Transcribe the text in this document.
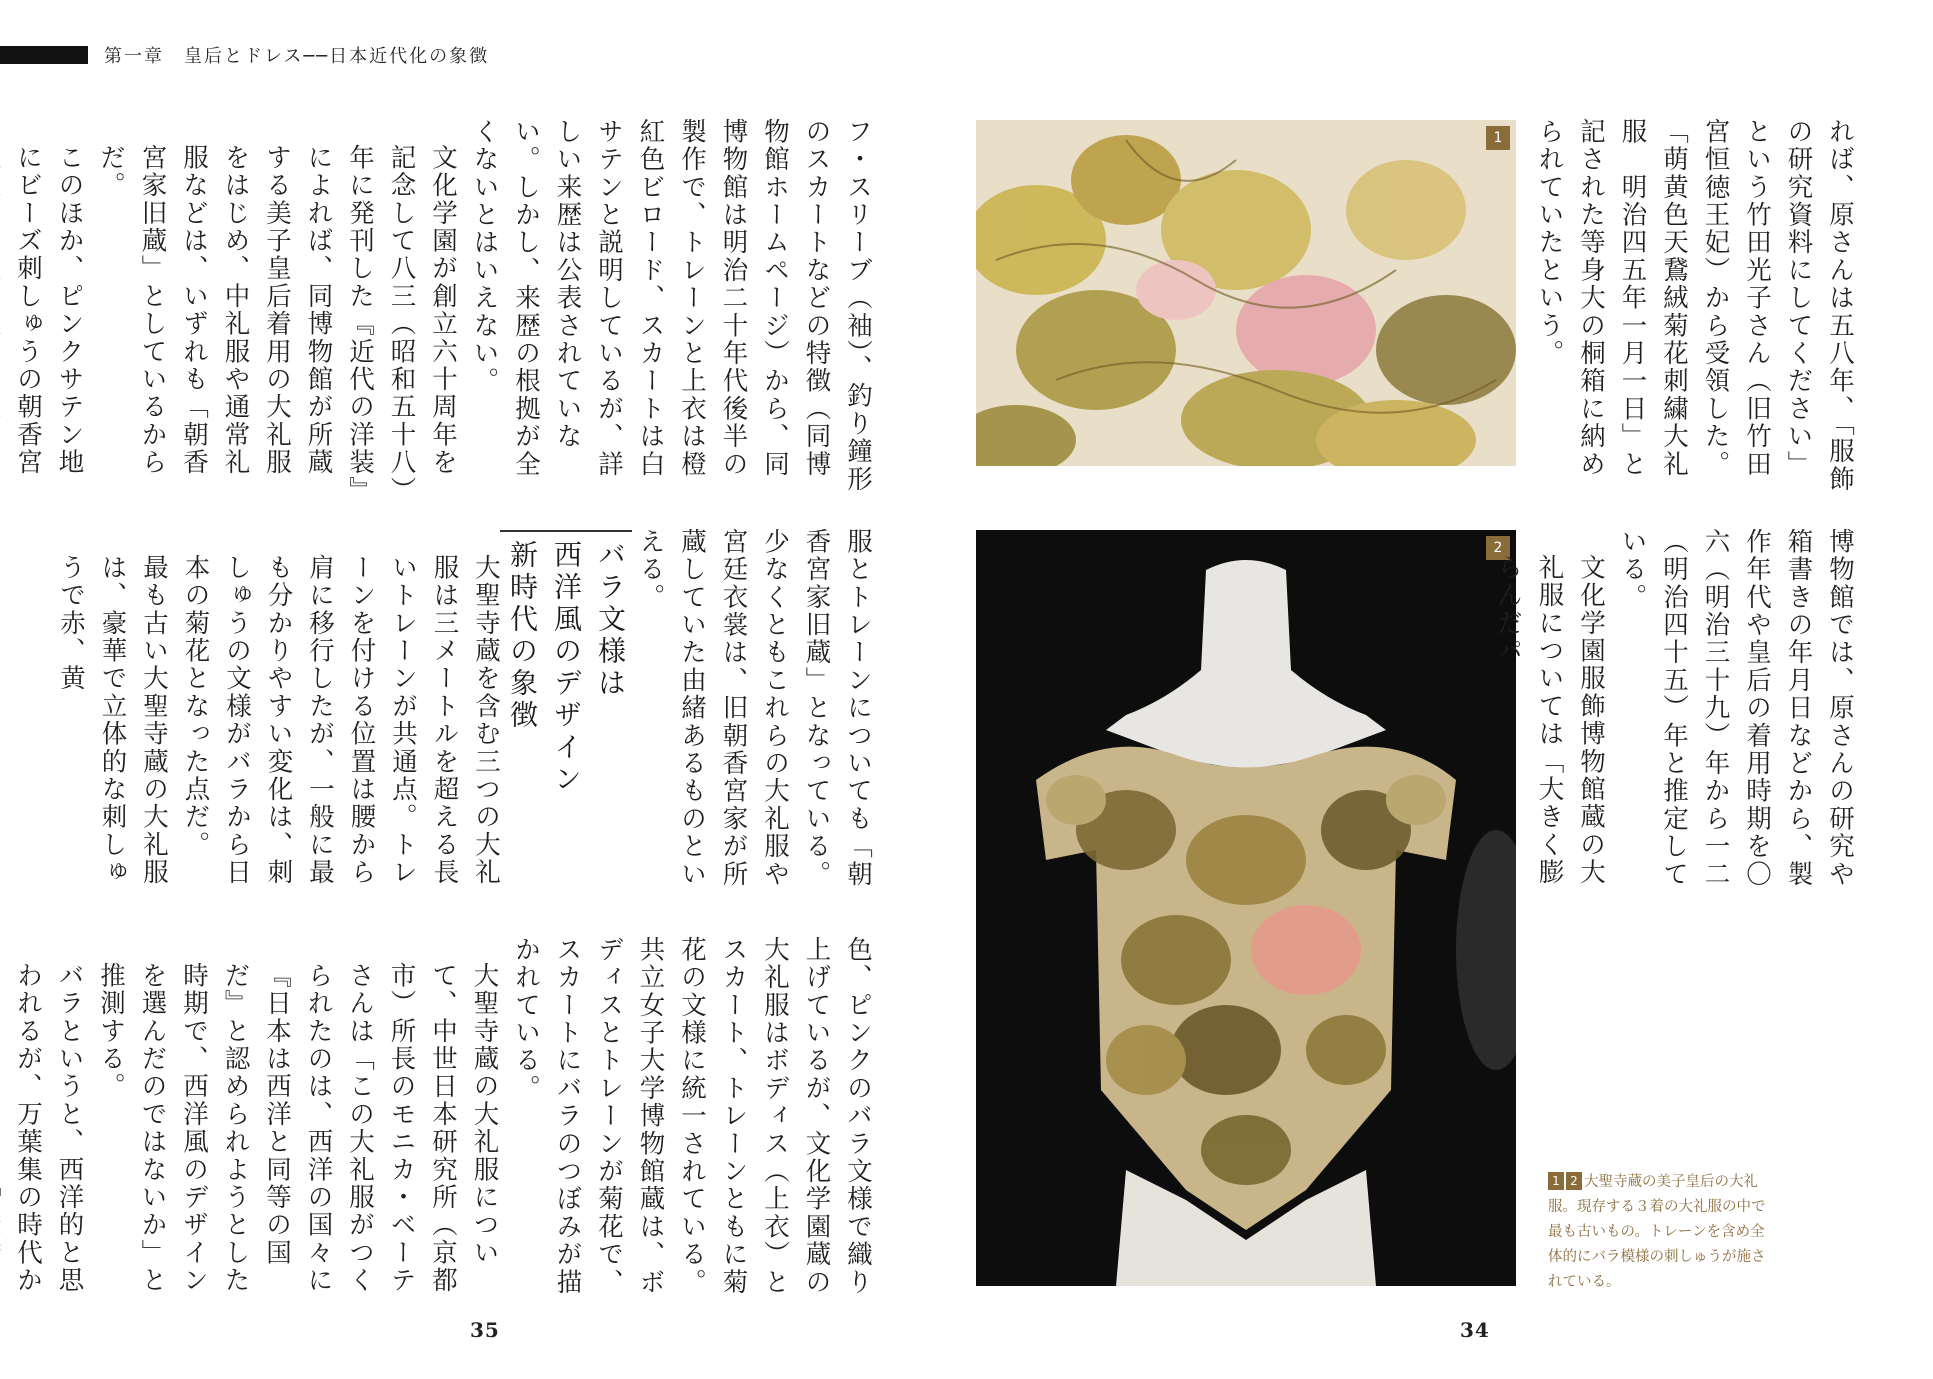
第一章　皇后とドレス──日本近代化の象徴

フ・スリーブ（袖）、釣り鐘形のスカートなどの特徴（同博物館ホームページ）から、同博物館は明治二十年代後半の製作で、トレーンと上衣は橙紅色ビロード、スカートは白サテンと説明しているが、詳しい来歴は公表されていない。しかし、来歴の根拠が全くないとはいえない。

文化学園が創立六十周年を記念して八三（昭和五十八）年に発刊した『近代の洋装』によれば、同博物館が所蔵する美子皇后着用の大礼服をはじめ、中礼服や通常礼服などは、いずれも「朝香宮家旧蔵」としているからだ。

このほか、ピンクサテン地にビーズ刺しゅうの朝香宮

服とトレーンについても「朝香宮家旧蔵」となっている。少なくともこれらの大礼服や宮廷衣裳は、旧朝香宮家が所蔵していた由緒あるものといえる。

バラ文様は
西洋風のデザイン
新時代の象徴

大聖寺蔵を含む三つの大礼服は三メートルを超える長いトレーンが共通点。トレーンを付ける位置は腰から肩に移行したが、一般に最も分かりやすい変化は、刺しゅうの文様がバラから日本の菊花となった点だ。

最も古い大聖寺蔵の大礼服は、豪華で立体的な刺しゅうで赤、黄

色、ピンクのバラ文様で織り上げているが、文化学園蔵の大礼服はボディス（上衣）とスカート、トレーンともに菊花の文様に統一されている。共立女子大学博物館蔵は、ボディスとトレーンが菊花で、スカートにバラのつぼみが描かれている。

大聖寺蔵の大礼服について、中世日本研究所（京都市）所長のモニカ・ベーテさんは「この大礼服がつくられたのは、西洋の国々に『日本は西洋と同等の国だ』と認められようとした時期で、西洋風のデザインを選んだのではないか」と推測する。

バラというと、西洋的と思われるが、万葉集の時代か

35
1
2

れば、原さんは五八年、「服飾の研究資料にしてください」という竹田光子さん（旧竹田宮恒徳王妃）から受領した。「萌黄色天鵞絨菊花刺繍大礼服　明治四五年一月一日」と記された等身大の桐箱に納められていたという。

博物館では、原さんの研究や箱書きの年月日などから、製作年代や皇后の着用時期を〇六（明治三十九）年から一二（明治四十五）年と推定している。

文化学園服飾博物館蔵の大礼服については「大きく膨らんだパ

1 2 大聖寺蔵の美子皇后の大礼服。現存する３着の大礼服の中で最も古いもの。トレーンを含め全体的にバラ模様の刺しゅうが施されている。
34
